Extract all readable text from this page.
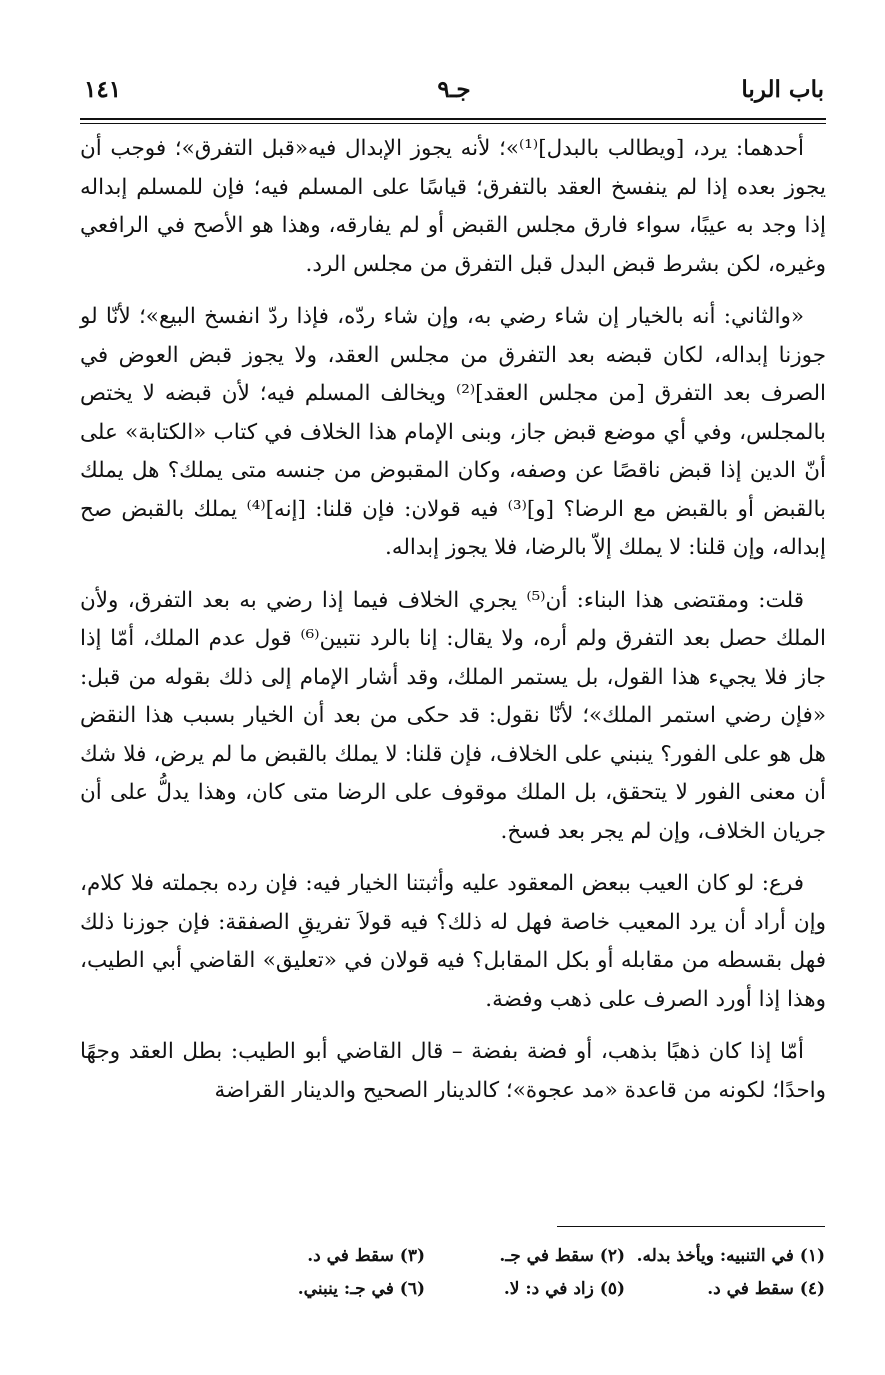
باب الربا
جـ٩
١٤١

أحدهما: يرد، [ويطالب بالبدل]⁽¹⁾»؛ لأنه يجوز الإبدال فيه«قبل التفرق»؛ فوجب أن يجوز بعده إذا لم ينفسخ العقد بالتفرق؛ قياسًا على المسلم فيه؛ فإن للمسلم إبداله إذا وجد به عيبًا، سواء فارق مجلس القبض أو لم يفارقه، وهذا هو الأصح في الرافعي وغيره، لكن بشرط قبض البدل قبل التفرق من مجلس الرد.

«والثاني: أنه بالخيار إن شاء رضي به، وإن شاء ردّه، فإذا ردّ انفسخ البيع»؛ لأنّا لو جوزنا إبداله، لكان قبضه بعد التفرق من مجلس العقد، ولا يجوز قبض العوض في الصرف بعد التفرق [من مجلس العقد]⁽²⁾ ويخالف المسلم فيه؛ لأن قبضه لا يختص بالمجلس، وفي أي موضع قبض جاز، وبنى الإمام هذا الخلاف في كتاب «الكتابة» على أنّ الدين إذا قبض ناقصًا عن وصفه، وكان المقبوض من جنسه متى يملك؟ هل يملك بالقبض أو بالقبض مع الرضا؟ [و]⁽³⁾ فيه قولان: فإن قلنا: [إنه]⁽⁴⁾ يملك بالقبض صح إبداله، وإن قلنا: لا يملك إلاّ بالرضا، فلا يجوز إبداله.

قلت: ومقتضى هذا البناء: أن⁽⁵⁾ يجري الخلاف فيما إذا رضي به بعد التفرق، ولأن الملك حصل بعد التفرق ولم أره، ولا يقال: إنا بالرد نتبين⁽⁶⁾ قول عدم الملك، أمّا إذا جاز فلا يجيء هذا القول، بل يستمر الملك، وقد أشار الإمام إلى ذلك بقوله من قبل: «فإن رضي استمر الملك»؛ لأنّا نقول: قد حكى من بعد أن الخيار بسبب هذا النقض هل هو على الفور؟ ينبني على الخلاف، فإن قلنا: لا يملك بالقبض ما لم يرض، فلا شك أن معنى الفور لا يتحقق، بل الملك موقوف على الرضا متى كان، وهذا يدلُّ على أن جريان الخلاف، وإن لم يجر بعد فسخ.

فرع: لو كان العيب ببعض المعقود عليه وأثبتنا الخيار فيه: فإن رده بجملته فلا كلام، وإن أراد أن يرد المعيب خاصة فهل له ذلك؟ فيه قولاَ تفريقِ الصفقة: فإن جوزنا ذلك فهل بقسطه من مقابله أو بكل المقابل؟ فيه قولان في «تعليق» القاضي أبي الطيب، وهذا إذا أورد الصرف على ذهب وفضة.

أمّا إذا كان ذهبًا بذهب، أو فضة بفضة – قال القاضي أبو الطيب: بطل العقد وجهًا واحدًا؛ لكونه من قاعدة «مد عجوة»؛ كالدينار الصحيح والدينار القراضة

(١) في التنبيه: ويأخذ بدله.
(٢) سقط في جـ.
(٣) سقط في د.
(٤) سقط في د.
(٥) زاد في د: لا.
(٦) في جـ: ينبني.
